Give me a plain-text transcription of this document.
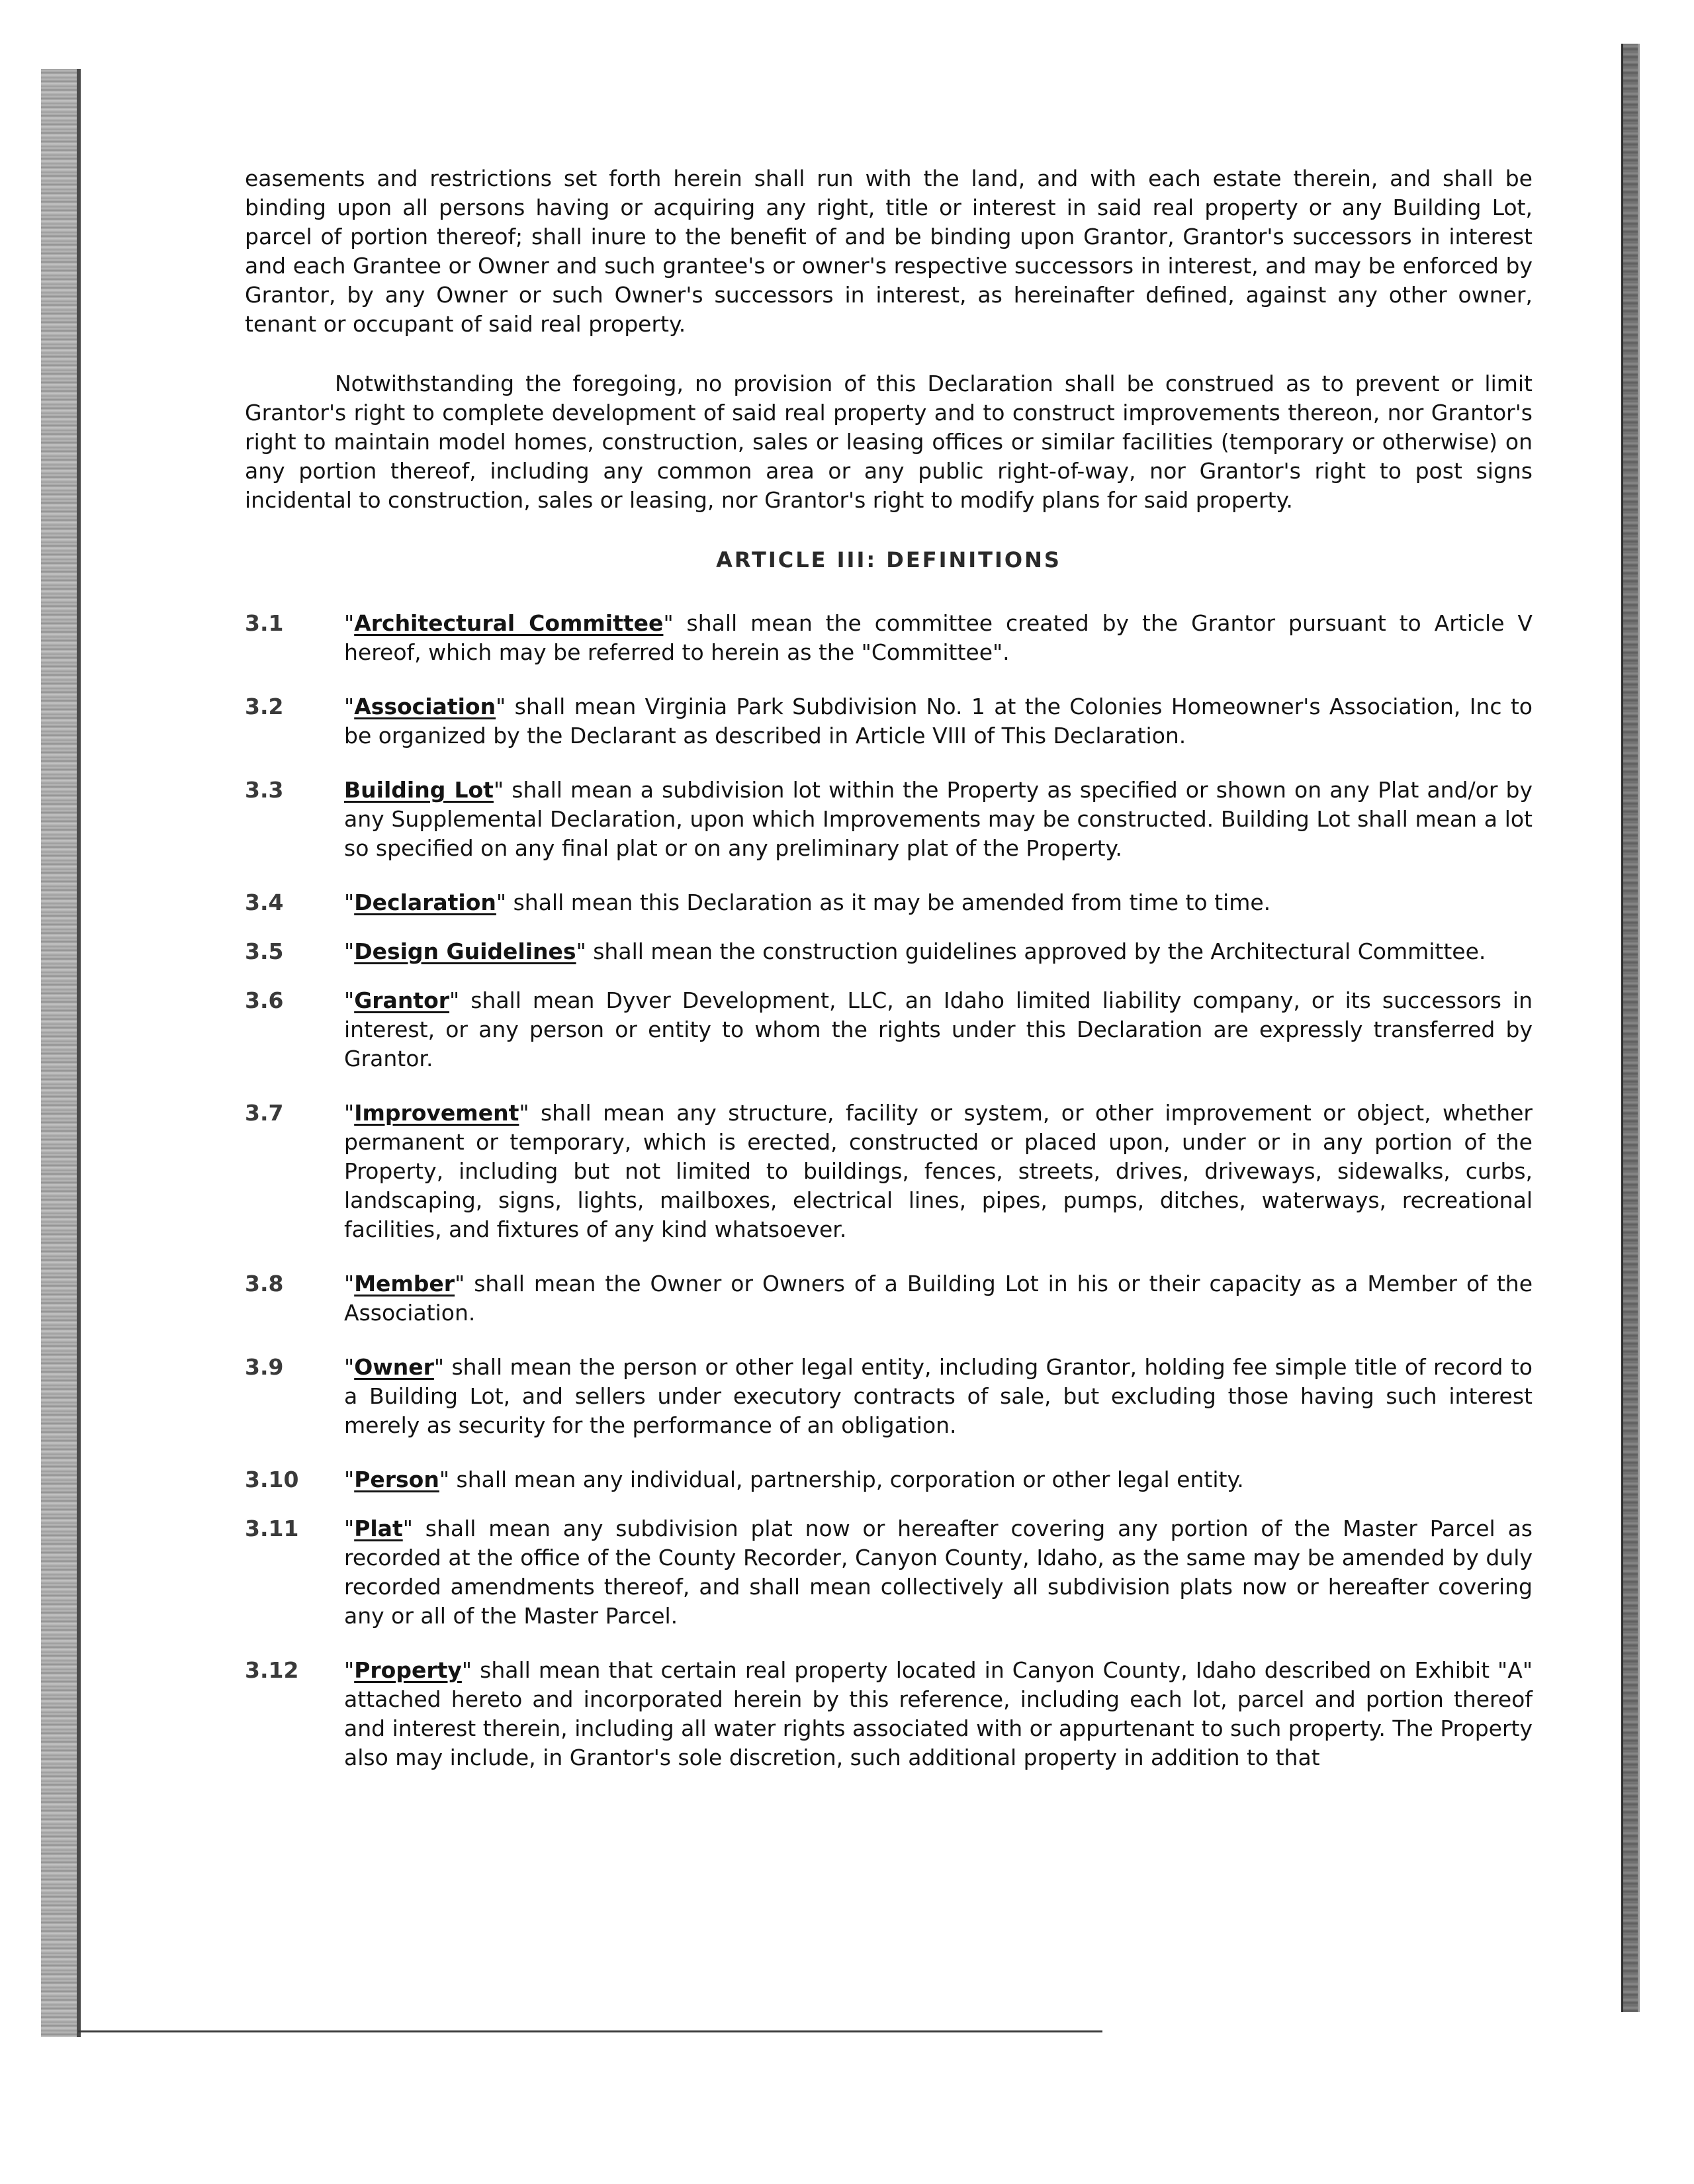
easements and restrictions set forth herein shall run with the land, and with each estate therein, and shall be binding upon all persons having or acquiring any right, title or interest in said real property or any Building Lot, parcel of portion thereof; shall inure to the benefit of and be binding upon Grantor, Grantor's successors in interest and each Grantee or Owner and such grantee's or owner's respective successors in interest, and may be enforced by Grantor, by any Owner or such Owner's successors in interest, as hereinafter defined, against any other owner, tenant or occupant of said real property.

Notwithstanding the foregoing, no provision of this Declaration shall be construed as to prevent or limit Grantor's right to complete development of said real property and to construct improvements thereon, nor Grantor's right to maintain model homes, construction, sales or leasing offices or similar facilities (temporary or otherwise) on any portion thereof, including any common area or any public right-of-way, nor Grantor's right to post signs incidental to construction, sales or leasing, nor Grantor's right to modify plans for said property.

ARTICLE III: DEFINITIONS
3.1	"Architectural Committee" shall mean the committee created by the Grantor pursuant to Article V hereof, which may be referred to herein as the "Committee".
3.2	"Association" shall mean Virginia Park Subdivision No. 1 at the Colonies Homeowner's Association, Inc to be organized by the Declarant as described in Article VIII of This Declaration.
3.3	Building Lot" shall mean a subdivision lot within the Property as specified or shown on any Plat and/or by any Supplemental Declaration, upon which Improvements may be constructed. Building Lot shall mean a lot so specified on any final plat or on any preliminary plat of the Property.
3.4	"Declaration" shall mean this Declaration as it may be amended from time to time.
3.5	"Design Guidelines" shall mean the construction guidelines approved by the Architectural Committee.
3.6	"Grantor" shall mean Dyver Development, LLC, an Idaho limited liability company, or its successors in interest, or any person or entity to whom the rights under this Declaration are expressly transferred by Grantor.
3.7	"Improvement" shall mean any structure, facility or system, or other improvement or object, whether permanent or temporary, which is erected, constructed or placed upon, under or in any portion of the Property, including but not limited to buildings, fences, streets, drives, driveways, sidewalks, curbs, landscaping, signs, lights, mailboxes, electrical lines, pipes, pumps, ditches, waterways, recreational facilities, and fixtures of any kind whatsoever.
3.8	"Member" shall mean the Owner or Owners of a Building Lot in his or their capacity as a Member of the Association.
3.9	"Owner" shall mean the person or other legal entity, including Grantor, holding fee simple title of record to a Building Lot, and sellers under executory contracts of sale, but excluding those having such interest merely as security for the performance of an obligation.
3.10	"Person" shall mean any individual, partnership, corporation or other legal entity.
3.11	"Plat" shall mean any subdivision plat now or hereafter covering any portion of the Master Parcel as recorded at the office of the County Recorder, Canyon County, Idaho, as the same may be amended by duly recorded amendments thereof, and shall mean collectively all subdivision plats now or hereafter covering any or all of the Master Parcel.
3.12	"Property" shall mean that certain real property located in Canyon County, Idaho described on Exhibit "A" attached hereto and incorporated herein by this reference, including each lot, parcel and portion thereof and interest therein, including all water rights associated with or appurtenant to such property. The Property also may include, in Grantor's sole discretion, such additional property in addition to that
